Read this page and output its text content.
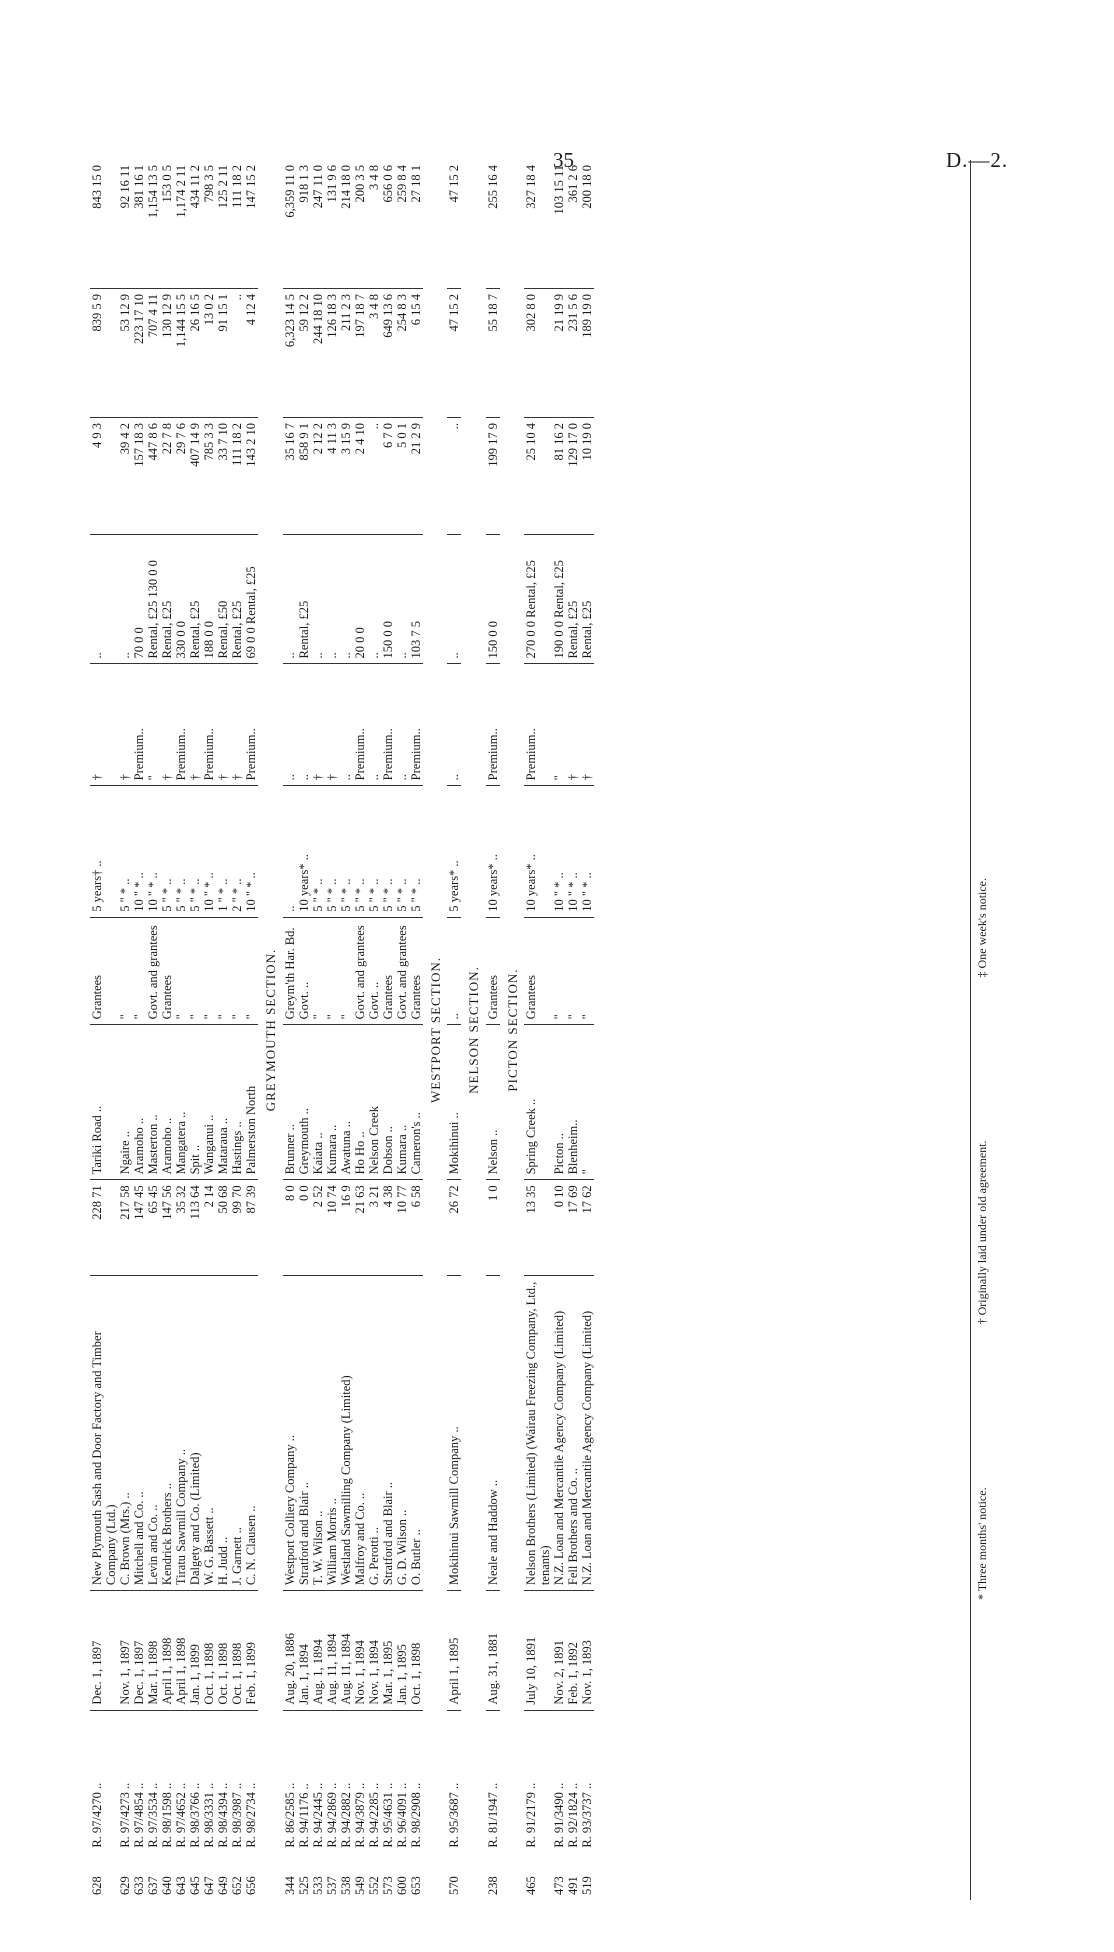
35	D.—2.
628	R. 97/4270 ..	Dec. 1, 1897	New Plymouth Sash and Door Factory and Timber Company (Ltd.)	228 71	Tariki Road ..	Grantees	5 years† ..	†	..	4 9 3	839 5 9	843 15 0
629	R. 97/4273 ..	Nov. 1, 1897	C. Brown (Mrs.) ..	217 58	Ngaire ..	"	5 " * ..	†	..	39 4 2	53 12 9	92 16 11
633	R. 97/4854 ..	Dec. 1, 1897	Mitchell and Co. ..	147 45	Aramoho ..	"	10 " * ..	Premium..	70 0 0	157 18 3	223 17 10	381 16 1
637	R. 97/3534 ..	Mar. 1, 1898	Levin and Co. ..	65 45	Masterton ..	Govt. and grantees	10 " * ..	"	Rental, £25 130 0 0	447 8 6	707 4 11	1,154 13 5
640	R. 98/1598 ..	April 1, 1898	Kendrick Brothers ..	147 56	Aramoho ..	Grantees	5 " * ..	†	Rental, £25	22 7 8	130 12 9	153 0 5
643	R. 97/4652 ..	April 1, 1898	Tiratu Sawmill Company ..	35 32	Mangatera ..	"	5 " * ..	Premium..	330 0 0	29 7 6	1,144 15 5	1,174 2 11
645	R. 98/3766 ..	Jan. 1, 1899	Dalgety and Co. (Limited)	113 64	Spit ..	"	5 " * ..	†	Rental, £25	407 14 9	26 16 5	434 11 2
647	R. 98/3331 ..	Oct. 1, 1898	W. G. Bassett ..	2 14	Wanganui ..	"	10 " * ..	Premium..	188 0 0	785 3 3	13 0 2	798 3 5
649	R. 98/4394 ..	Oct. 1, 1898	H. Judd ..	50 68	Mataraua ..	"	1 " * ..	†	Rental, £50	33 7 10	91 15 1	125 2 11
652	R. 98/3987 ..	Oct. 1, 1898	J. Garnett ..	99 70	Hastings ..	"	2 " * ..	†	Rental, £25	111 18 2	..	111 18 2
656	R. 98/2734 ..	Feb. 1, 1899	C. N. Clausen ..	87 39	Palmerston North	"	10 " * ..	Premium..	69 0 0 Rental, £25	143 2 10	4 12 4	147 15 2
GREYMOUTH SECTION.												
344	R. 86/2585 ..	Aug. 20, 1886	Westport Colliery Company ..	8 0	Brunner ..	Greym'th Har. Bd.	..	..	..	35 16 7	6,323 14 5	6,359 11 0
525	R. 94/1176 ..	Jan. 1, 1894	Stratford and Blair ..	0 0	Greymouth ..	Govt. ..	10 years* ..	..	Rental, £25	858 9 1	59 12 2	918 1 3
533	R. 94/2445 ..	Aug. 1, 1894	T. W. Wilson ..	2 52	Kaiata ..	"	5 " * ..	†	..	2 12 2	244 18 10	247 11 0
537	R. 94/2869 ..	Aug. 11, 1894	William Morris ..	10 74	Kumara ..	"	5 " * ..	†	..	4 11 3	126 18 3	131 9 6
538	R. 94/2882 ..	Aug. 11, 1894	Westland Sawmilling Company (Limited)	16 9	Awatuna ..	"	5 " * ..	..	..	3 15 9	211 2 3	214 18 0
549	R. 94/3879 ..	Nov. 1, 1894	Malfroy and Co. ..	21 63	Ho Ho ..	Govt. and grantees	5 " * ..	Premium..	20 0 0	2 4 10	197 18 7	200 3 5
552	R. 94/2285 ..	Nov. 1, 1894	G. Perotti ..	3 21	Nelson Creek	Govt. ..	5 " * ..	..	..	..	3 4 8	3 4 8
573	R. 95/4631 ..	Mar. 1, 1895	Stratford and Blair ..	4 38	Dobson ..	Grantees	5 " * ..	Premium..	150 0 0	6 7 0	649 13 6	656 0 6
600	R. 96/4091 ..	Jan. 1, 1895	G. D. Wilson ..	10 77	Kumara ..	Govt. and grantees	5 " * ..	..	..	5 0 1	254 8 3	259 8 4
653	R. 98/2908 ..	Oct. 1, 1898	O. Butler ..	6 58	Cameron's ..	Grantees	5 " * ..	Premium..	103 7 5	21 2 9	6 15 4	27 18 1
WESTPORT SECTION.												
570	R. 95/3687 ..	April 1, 1895	Mokihinui Sawmill Company ..	26 72	Mokihinui ..	..	5 years* ..	..	..	..	47 15 2	47 15 2
NELSON SECTION.												
238	R. 81/1947 ..	Aug. 31, 1881	Neale and Haddow ..	1 0	Nelson ..	Grantees	10 years* ..	Premium..	150 0 0	199 17 9	55 18 7	255 16 4
PICTON SECTION.												
465	R. 91/2179 ..	July 10, 1891	Nelson Brothers (Limited) (Wairau Freezing Company, Ltd., tenants)	13 35	Spring Creek ..	Grantees	10 years* ..	Premium..	270 0 0 Rental, £25	25 10 4	302 8 0	327 18 4
473	R. 91/3490 ..	Nov. 2, 1891	N.Z. Loan and Mercantile Agency Company (Limited)	0 10	Picton ..	"	10 " * ..	"	190 0 0 Rental, £25	81 16 2	21 19 9	103 15 11
491	R. 92/1824 ..	Feb. 1, 1892	Fell Brothers and Co. ..	17 69	Blenheim..	"	10 " * ..	†	Rental, £25	129 17 0	231 5 6	361 2 6
519	R. 93/3737 ..	Nov. 1, 1893	N.Z. Loan and Mercantile Agency Company (Limited)	17 62	"	"	10 " * ..	†	Rental, £25	10 19 0	189 19 0	200 18 0

* Three months' notice. † Originally laid under old agreement. ‡ One week's notice.
